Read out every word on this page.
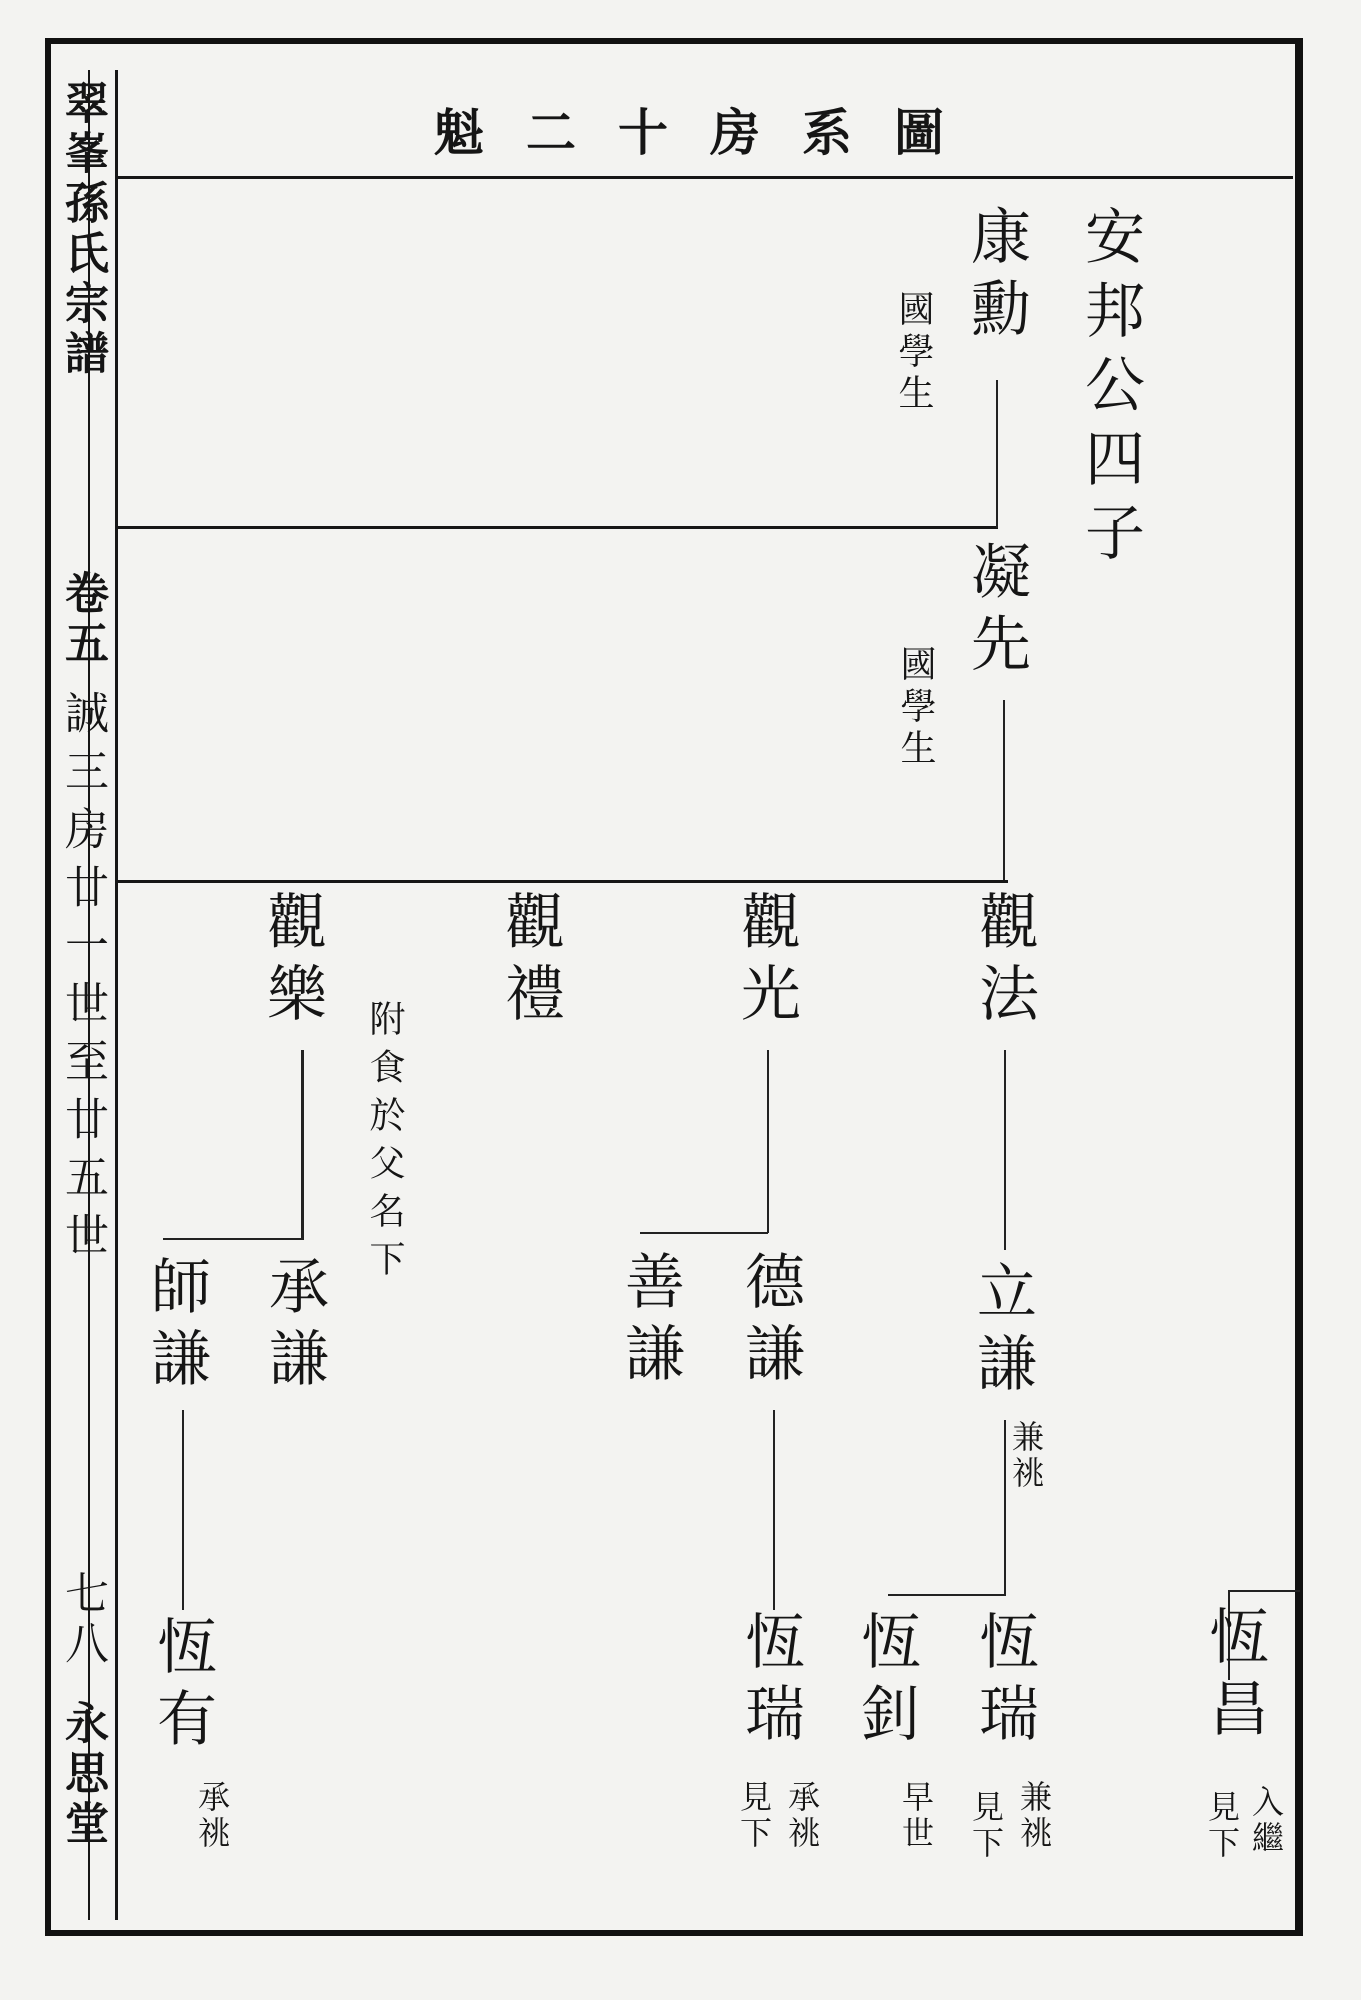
魁二十房系圖
翠峯孫氏宗譜
卷五
誠三房廿一世至廿五世
七八
永思堂
安邦公四子
康勳
國學生
凝先
國學生
觀法
觀光
觀禮
附食於父名下
觀樂
立謙
兼祧
德謙
善謙
承謙
師謙
恆昌
入繼
見下
恆瑞
兼祧
見下
恆釗
早世
恆瑞
承祧
見下
恆有
承祧
